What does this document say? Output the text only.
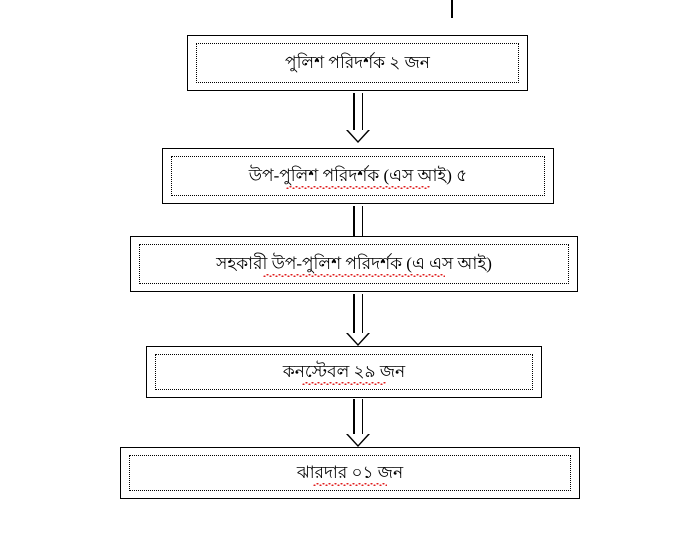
পুলিশ পরিদর্শক ২ জন
উপ-পুলিশ পরিদর্শক (এস আই) ৫
সহকারী উপ-পুলিশ পরিদর্শক (এ এস আই)
কনস্টেবল ২৯ জন
ঝারদার ০১ জন
